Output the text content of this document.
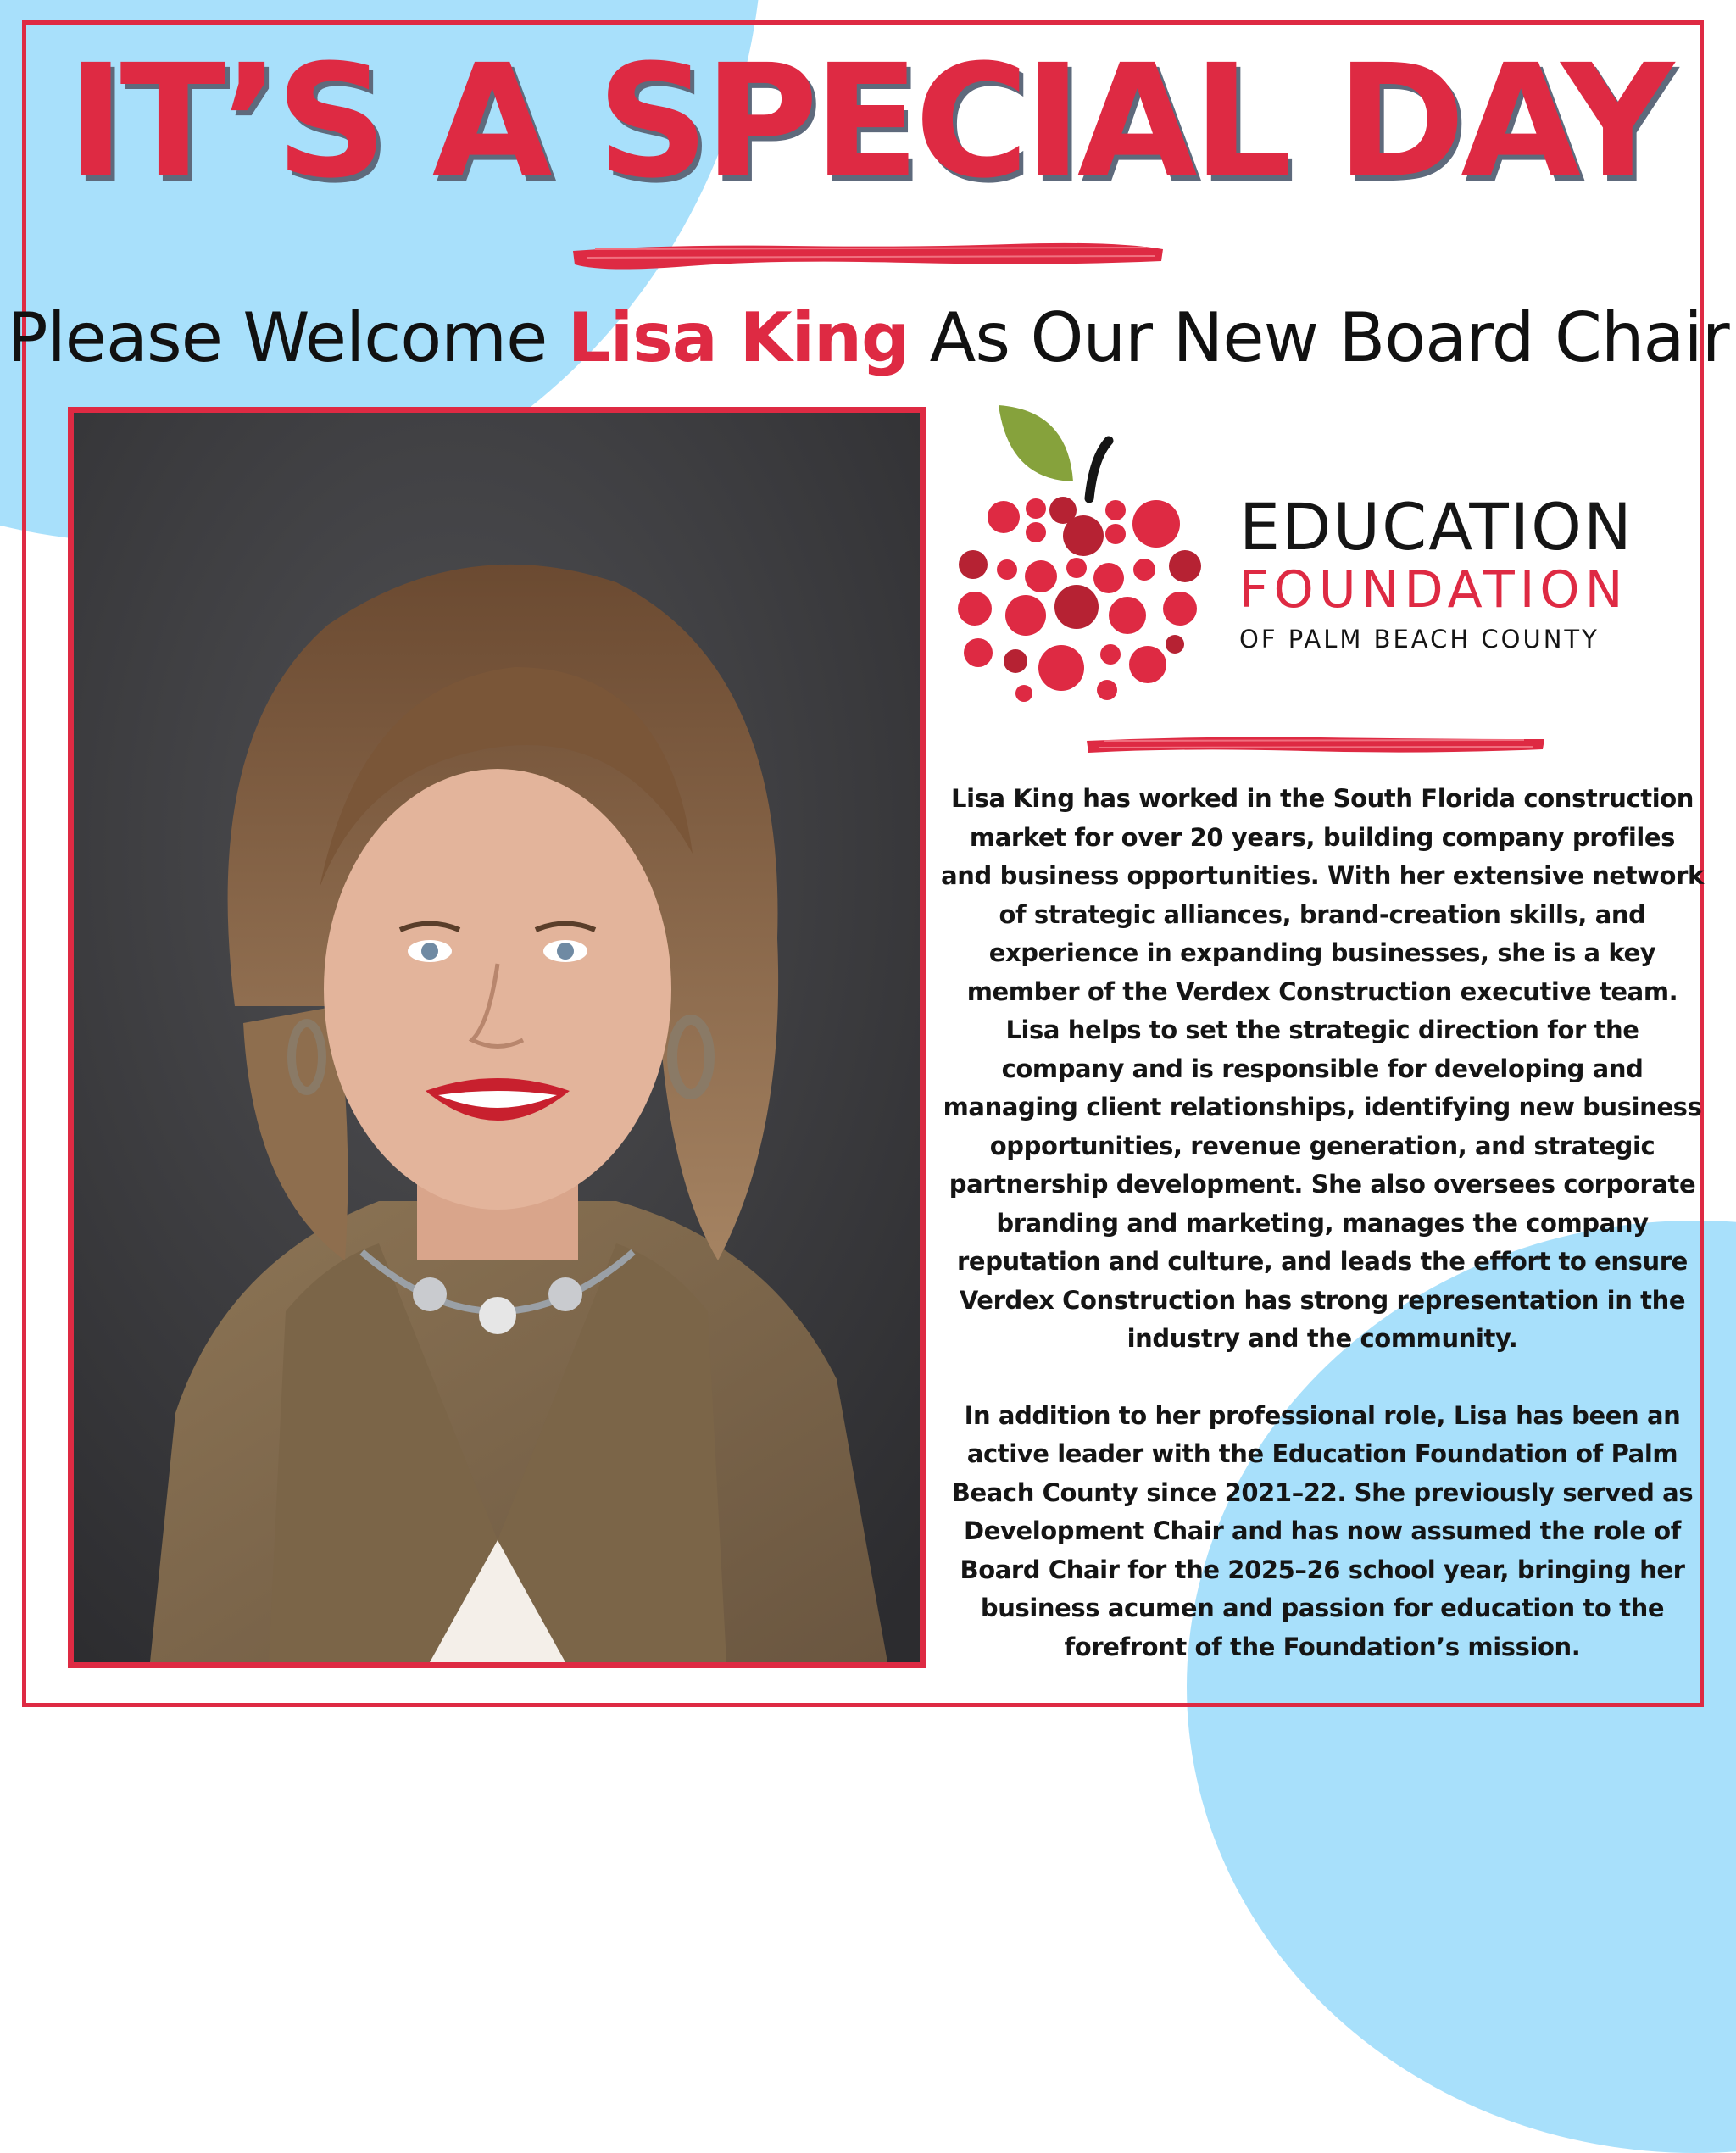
IT’S A SPECIAL DAY
Please Welcome Lisa King As Our New Board Chair
EDUCATION
FOUNDATION
OF PALM BEACH COUNTY

Lisa King has worked in the South Florida construction market for over 20 years, building company profiles and business opportunities. With her extensive network of strategic alliances, brand-creation skills, and experience in expanding businesses, she is a key member of the Verdex Construction executive team. Lisa helps to set the strategic direction for the company and is responsible for developing and managing client relationships, identifying new business opportunities, revenue generation, and strategic partnership development. She also oversees corporate branding and marketing, manages the company reputation and culture, and leads the effort to ensure Verdex Construction has strong representation in the industry and the community.

In addition to her professional role, Lisa has been an active leader with the Education Foundation of Palm Beach County since 2021–22. She previously served as Development Chair and has now assumed the role of Board Chair for the 2025–26 school year, bringing her business acumen and passion for education to the forefront of the Foundation’s mission.
